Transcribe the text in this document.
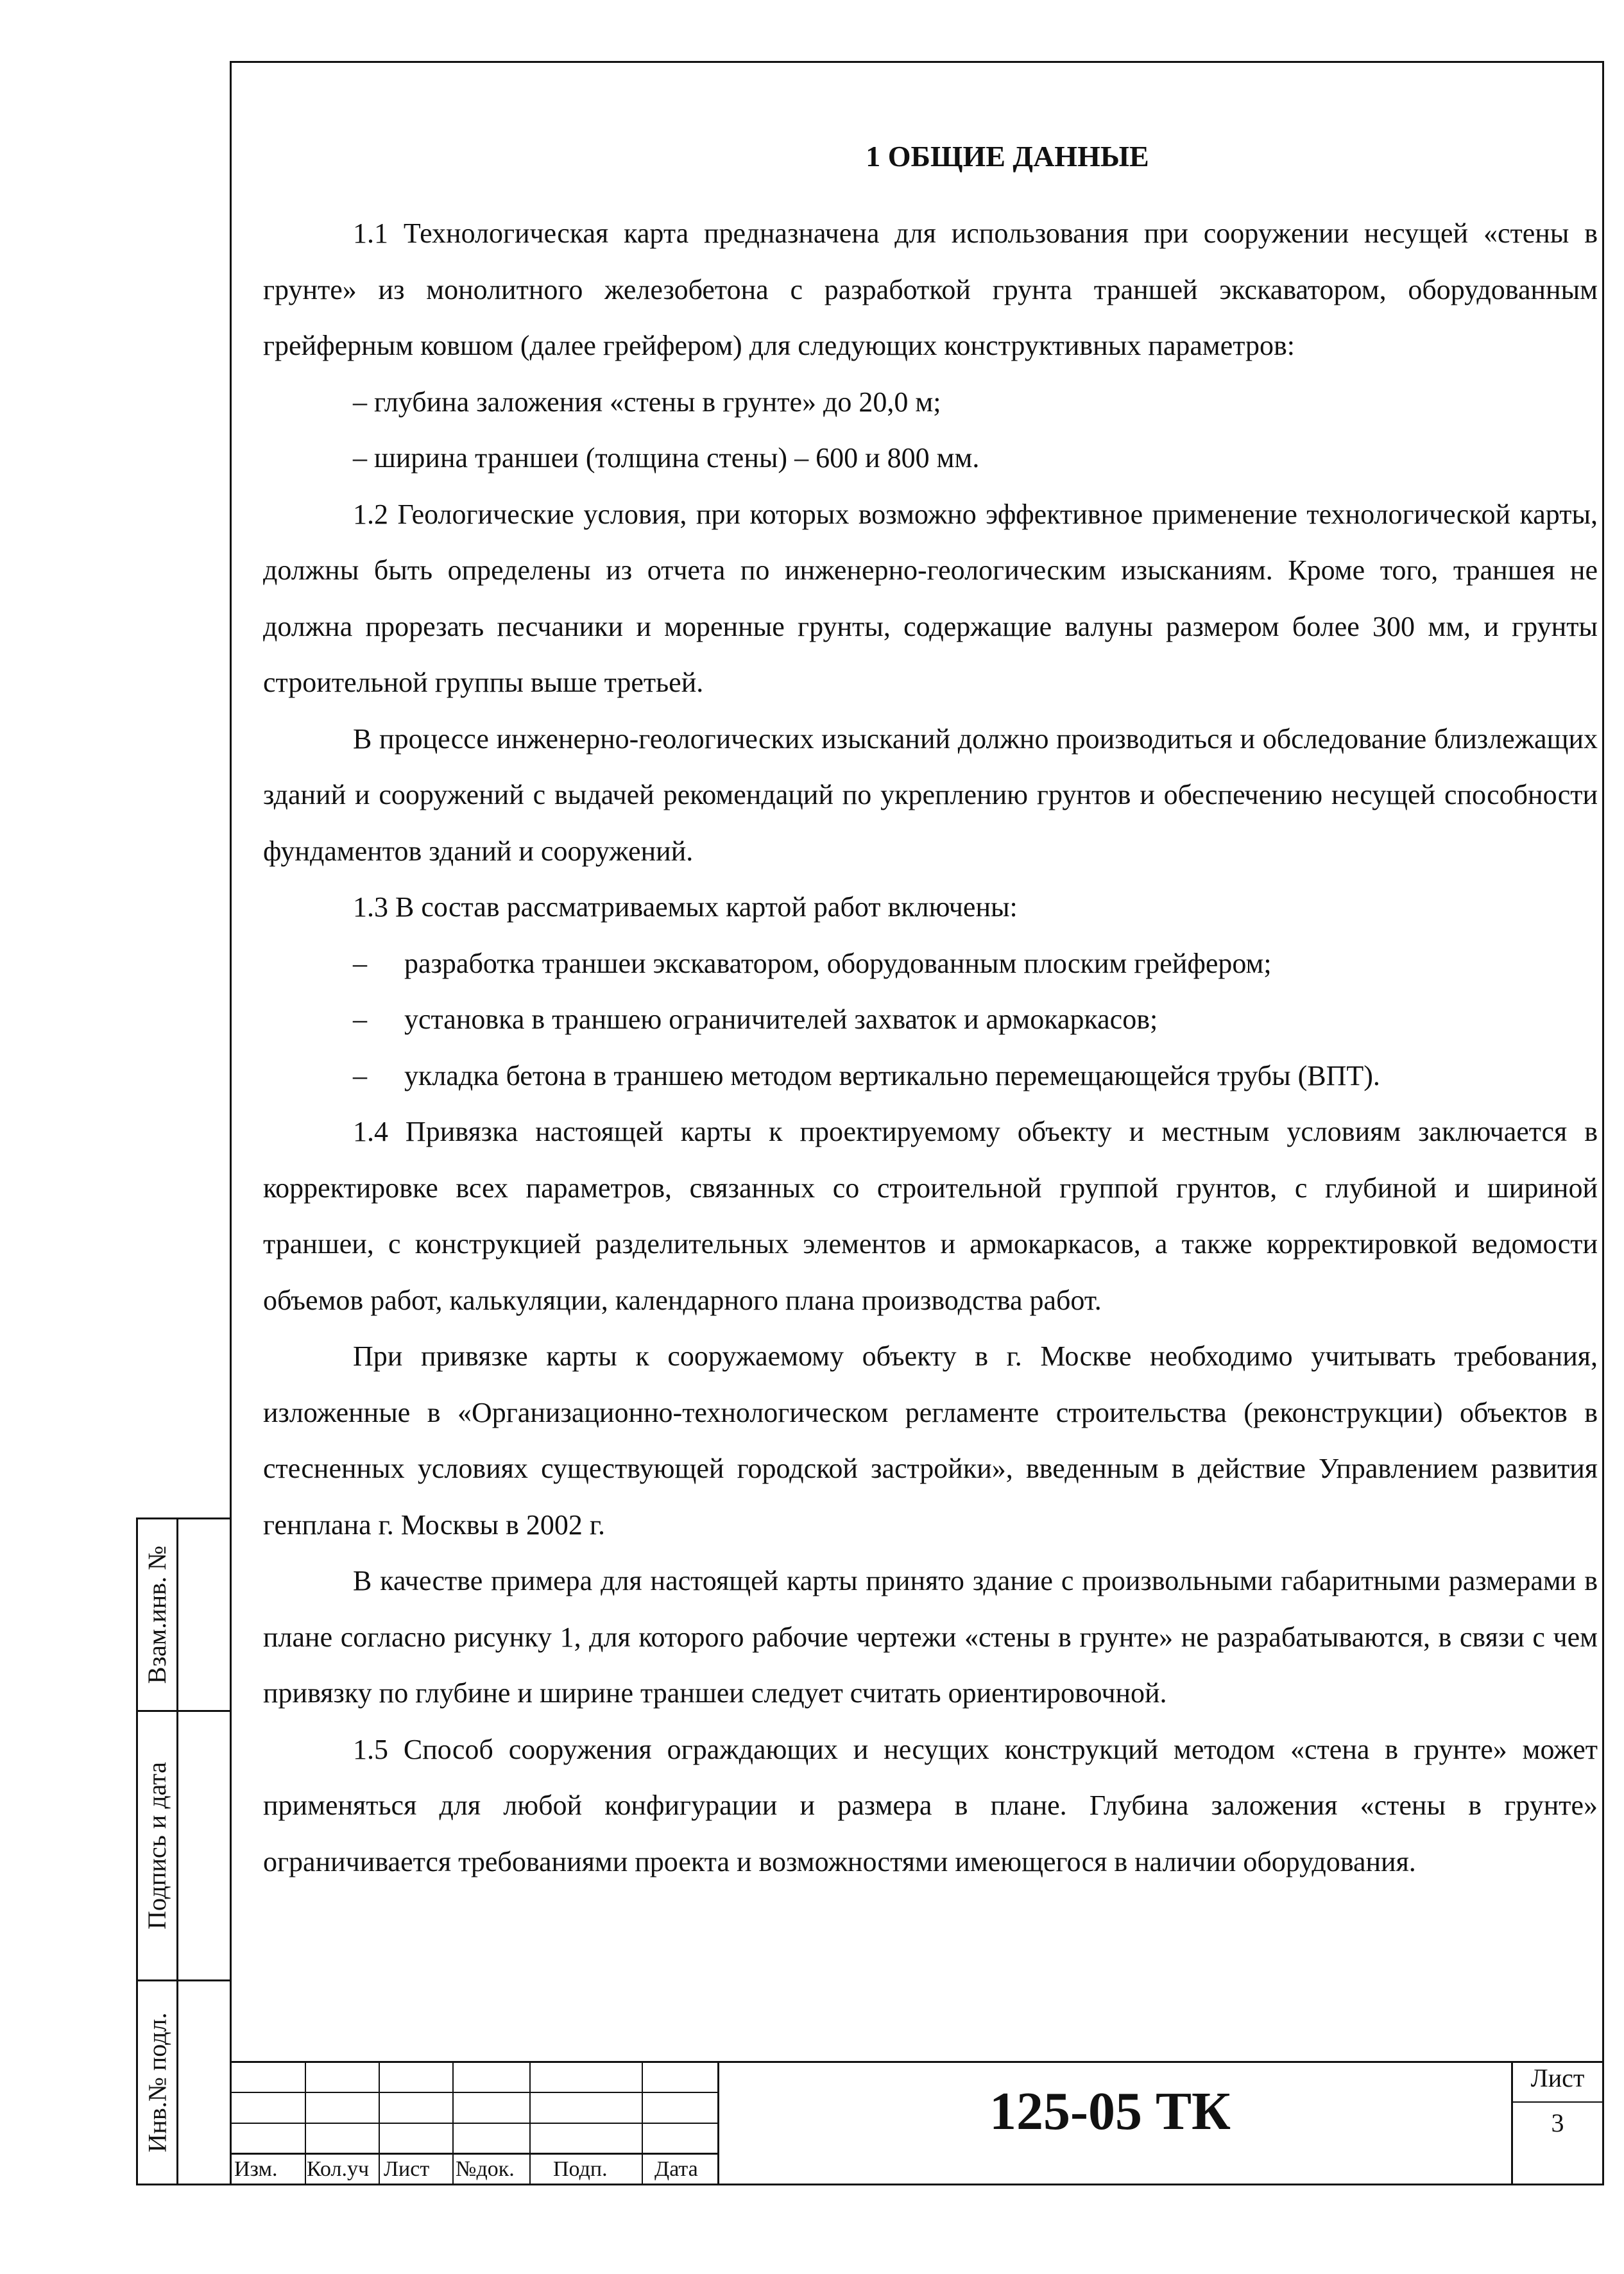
1 ОБЩИЕ ДАННЫЕ

1.1 Технологическая карта предназначена для использования при сооружении несущей «стены в грунте» из монолитного железобетона с разработкой грунта траншей экскаватором, оборудованным грейферным ковшом (далее грейфером) для следующих конструктивных параметров:

– глубина заложения «стены в грунте» до 20,0 м;

– ширина траншеи (толщина стены) – 600 и 800 мм.

1.2 Геологические условия, при которых возможно эффективное применение технологической карты, должны быть определены из отчета по инженерно-геологическим изысканиям. Кроме того, траншея не должна прорезать песчаники и моренные грунты, содержащие валуны размером более 300 мм, и грунты строительной группы выше третьей.

В процессе инженерно-геологических изысканий должно производиться и обследование близлежащих зданий и сооружений с выдачей рекомендаций по укреплению грунтов и обеспечению несущей способности фундаментов зданий и сооружений.

1.3 В состав рассматриваемых картой работ включены:

– разработка траншеи экскаватором, оборудованным плоским грейфером;

– установка в траншею ограничителей захваток и армокаркасов;

– укладка бетона в траншею методом вертикально перемещающейся трубы (ВПТ).

1.4 Привязка настоящей карты к проектируемому объекту и местным условиям заключается в корректировке всех параметров, связанных со строительной группой грунтов, с глубиной и шириной траншеи, с конструкцией разделительных элементов и армокаркасов, а также корректировкой ведомости объемов работ, калькуляции, календарного плана производства работ.

При привязке карты к сооружаемому объекту в г. Москве необходимо учитывать требования, изложенные в «Организационно-технологическом регламенте строительства (реконструкции) объектов в стесненных условиях существующей городской застройки», введенным в действие Управлением развития генплана г. Москвы в 2002 г.

В качестве примера для настоящей карты принято здание с произвольными габаритными размерами в плане согласно рисунку 1, для которого рабочие чертежи «стены в грунте» не разрабатываются, в связи с чем привязку по глубине и ширине траншеи следует считать ориентировочной.

1.5 Способ сооружения ограждающих и несущих конструкций методом «стена в грунте» может применяться для любой конфигурации и размера в плане. Глубина заложения «стены в грунте» ограничивается требованиями проекта и возможностями имеющегося в наличии оборудования.

Взам.инв. №
Подпись и дата
Инв.№ подл.
Изм. Кол.уч Лист №док. Подп. Дата
125-05 ТК
Лист
3
